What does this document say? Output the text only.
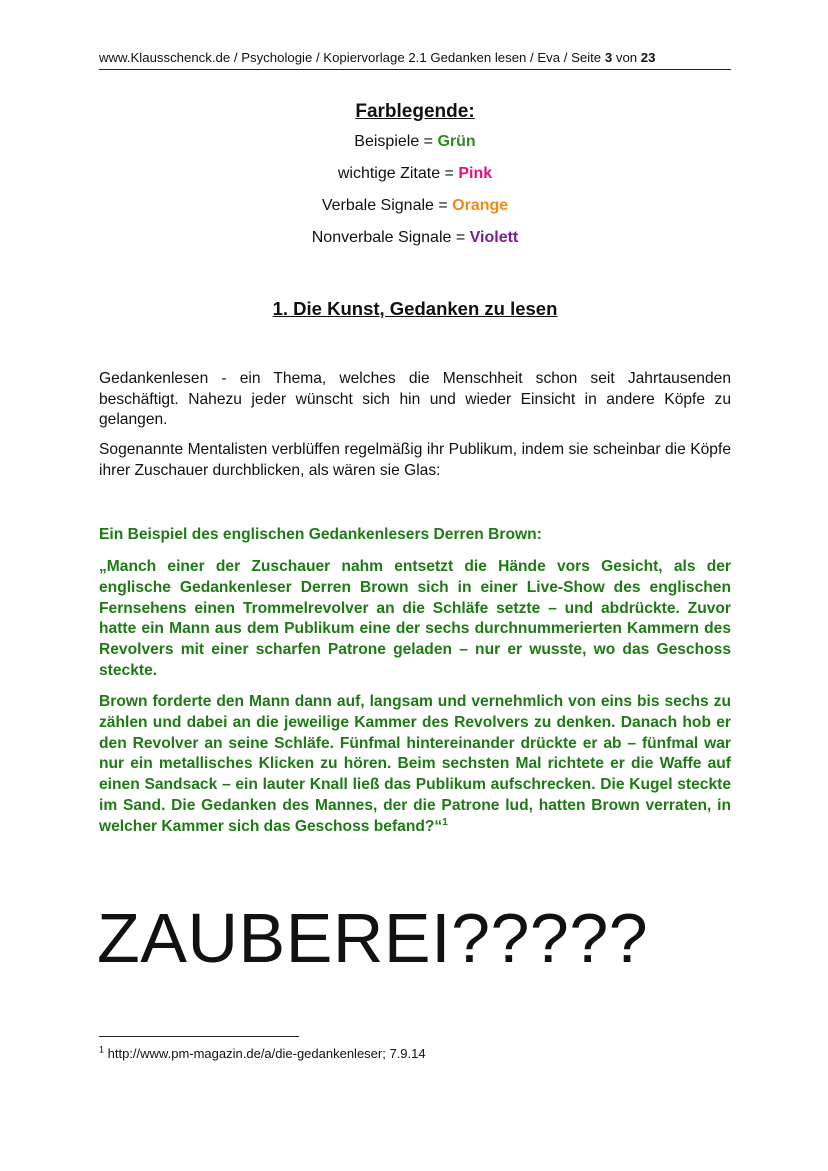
www.Klausschenck.de / Psychologie / Kopiervorlage 2.1 Gedanken lesen / Eva / Seite 3 von 23
Farblegende:
Beispiele = Grün
wichtige Zitate = Pink
Verbale Signale = Orange
Nonverbale Signale = Violett
1. Die Kunst, Gedanken zu lesen

Gedankenlesen - ein Thema, welches die Menschheit schon seit Jahrtausenden beschäftigt. Nahezu jeder wünscht sich hin und wieder Einsicht in andere Köpfe zu gelangen.

Sogenannte Mentalisten verblüffen regelmäßig ihr Publikum, indem sie scheinbar die Köpfe ihrer Zuschauer durchblicken, als wären sie Glas:

Ein Beispiel des englischen Gedankenlesers Derren Brown:

„Manch einer der Zuschauer nahm entsetzt die Hände vors Gesicht, als der englische Gedankenleser Derren Brown sich in einer Live-Show des englischen Fernsehens einen Trommelrevolver an die Schläfe setzte – und abdrückte. Zuvor hatte ein Mann aus dem Publikum eine der sechs durchnummerierten Kammern des Revolvers mit einer scharfen Patrone geladen – nur er wusste, wo das Geschoss steckte.

Brown forderte den Mann dann auf, langsam und vernehmlich von eins bis sechs zu zählen und dabei an die jeweilige Kammer des Revolvers zu denken. Danach hob er den Revolver an seine Schläfe. Fünfmal hintereinander drückte er ab – fünfmal war nur ein metallisches Klicken zu hören. Beim sechsten Mal richtete er die Waffe auf einen Sandsack – ein lauter Knall ließ das Publikum aufschrecken. Die Kugel steckte im Sand. Die Gedanken des Mannes, der die Patrone lud, hatten Brown verraten, in welcher Kammer sich das Geschoss befand?“$^1$

ZAUBEREI?????
$^1$ http://www.pm-magazin.de/a/die-gedankenleser; 7.9.14
